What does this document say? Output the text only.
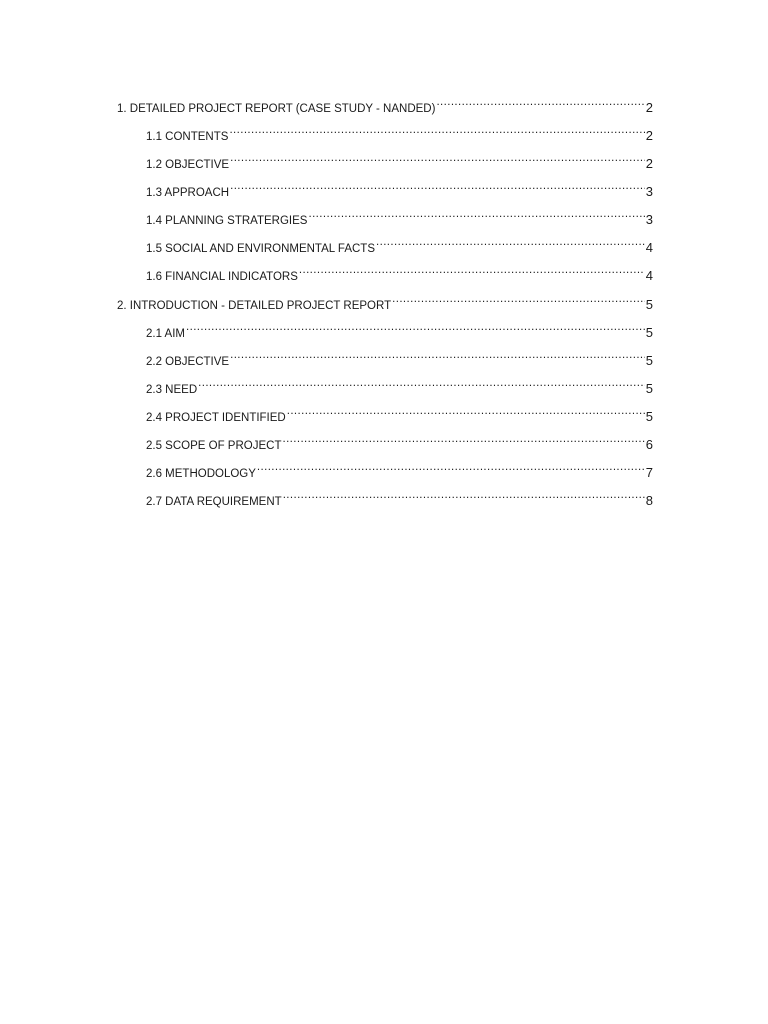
1. DETAILED PROJECT REPORT (CASE STUDY - NANDED) .....	2
1.1 CONTENTS .....	2
1.2 OBJECTIVE .....	2
1.3 APPROACH .....	3
1.4 PLANNING STRATERGIES .....	3
1.5 SOCIAL AND ENVIRONMENTAL FACTS .....	4
1.6 FINANCIAL INDICATORS .....	4
2. INTRODUCTION - DETAILED PROJECT REPORT .....	5
2.1 AIM .....	5
2.2 OBJECTIVE .....	5
2.3 NEED .....	5
2.4 PROJECT IDENTIFIED .....	5
2.5 SCOPE OF PROJECT .....	6
2.6 METHODOLOGY .....	7
2.7 DATA REQUIREMENT .....	8
